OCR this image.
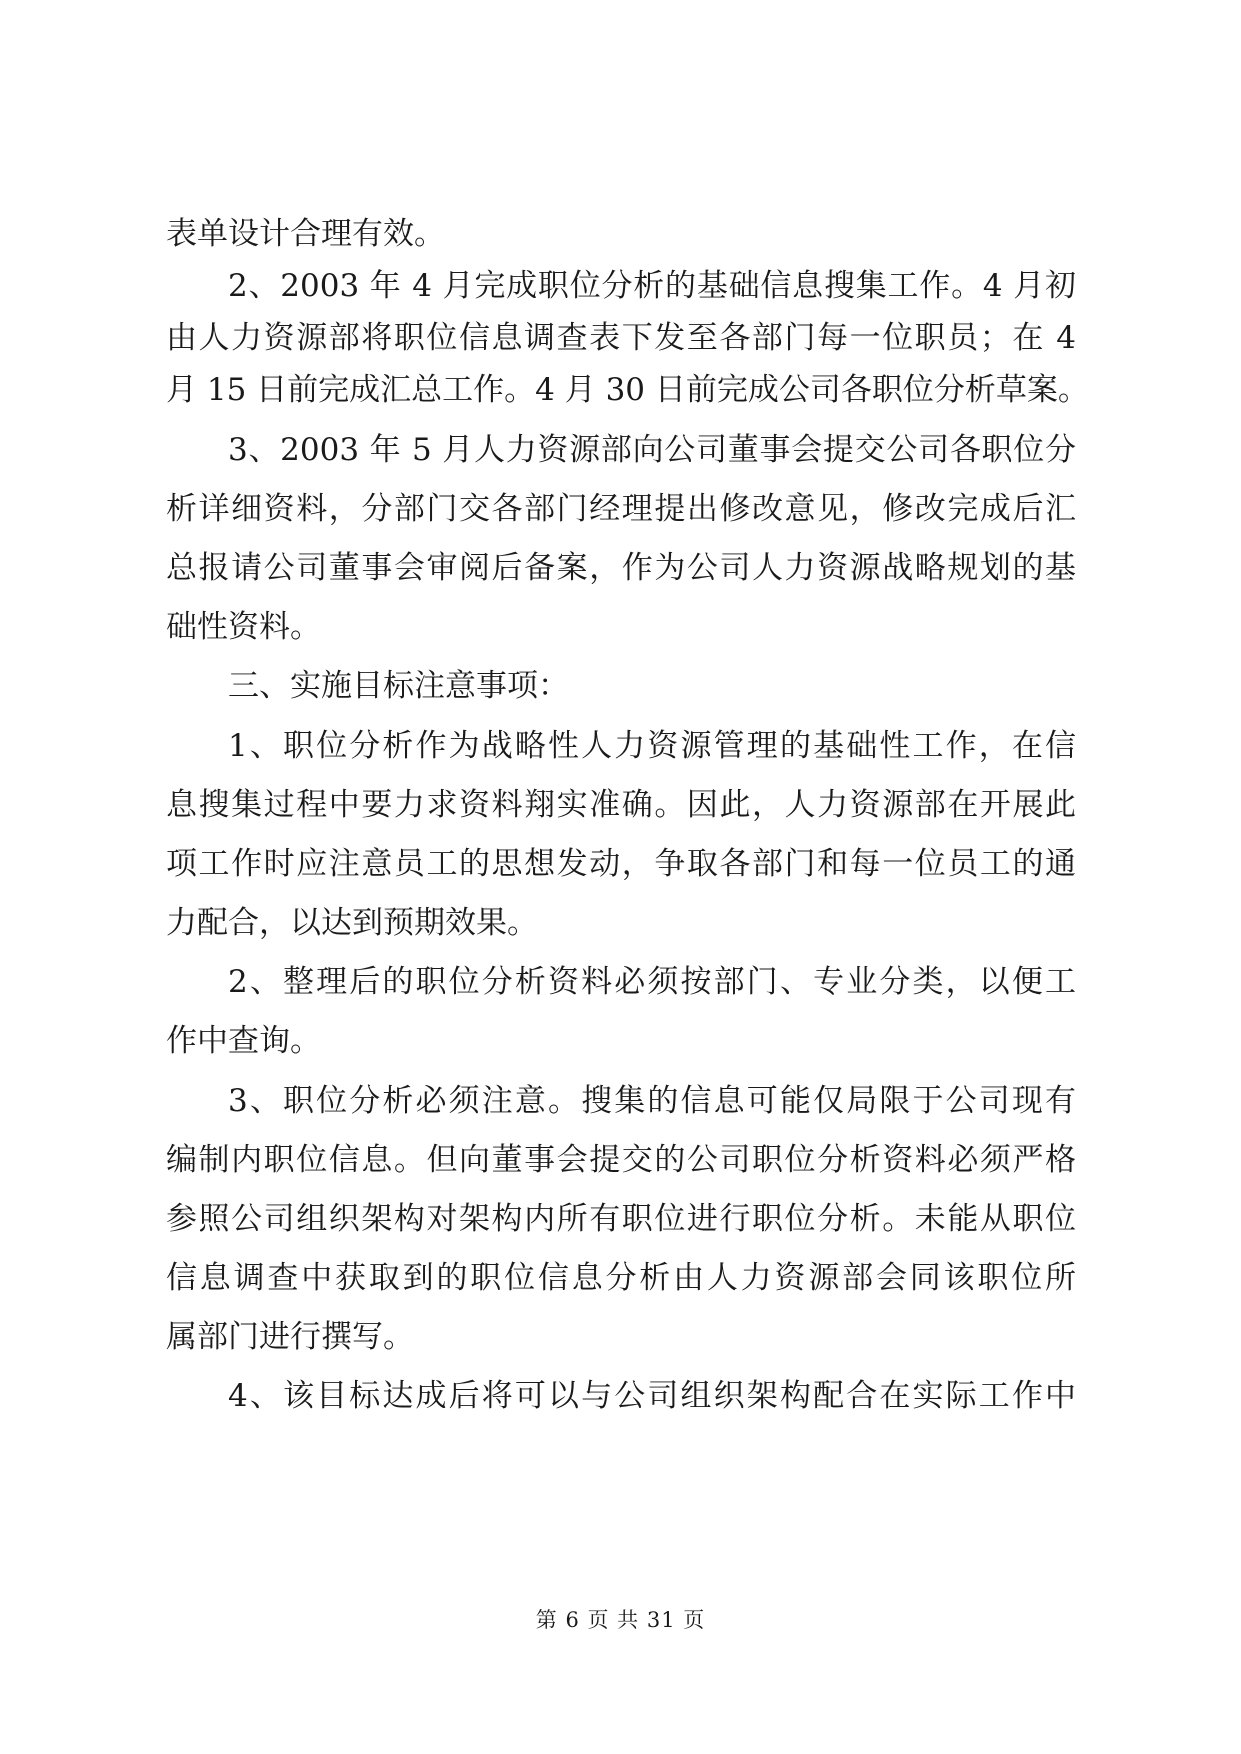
表单设计合理有效。
2、2003 年 4 月完成职位分析的基础信息搜集工作。4 月初
由人力资源部将职位信息调查表下发至各部门每一位职员；在 4
月 15 日前完成汇总工作。4 月 30 日前完成公司各职位分析草案。
3、2003 年 5 月人力资源部向公司董事会提交公司各职位分
析详细资料，分部门交各部门经理提出修改意见，修改完成后汇
总报请公司董事会审阅后备案，作为公司人力资源战略规划的基
础性资料。
三、实施目标注意事项：
1、职位分析作为战略性人力资源管理的基础性工作，在信
息搜集过程中要力求资料翔实准确。因此，人力资源部在开展此
项工作时应注意员工的思想发动，争取各部门和每一位员工的通
力配合，以达到预期效果。
2、整理后的职位分析资料必须按部门、专业分类，以便工
作中查询。
3、职位分析必须注意。搜集的信息可能仅局限于公司现有
编制内职位信息。但向董事会提交的公司职位分析资料必须严格
参照公司组织架构对架构内所有职位进行职位分析。未能从职位
信息调查中获取到的职位信息分析由人力资源部会同该职位所
属部门进行撰写。
4、该目标达成后将可以与公司组织架构配合在实际工作中
第 6 页 共 31 页
